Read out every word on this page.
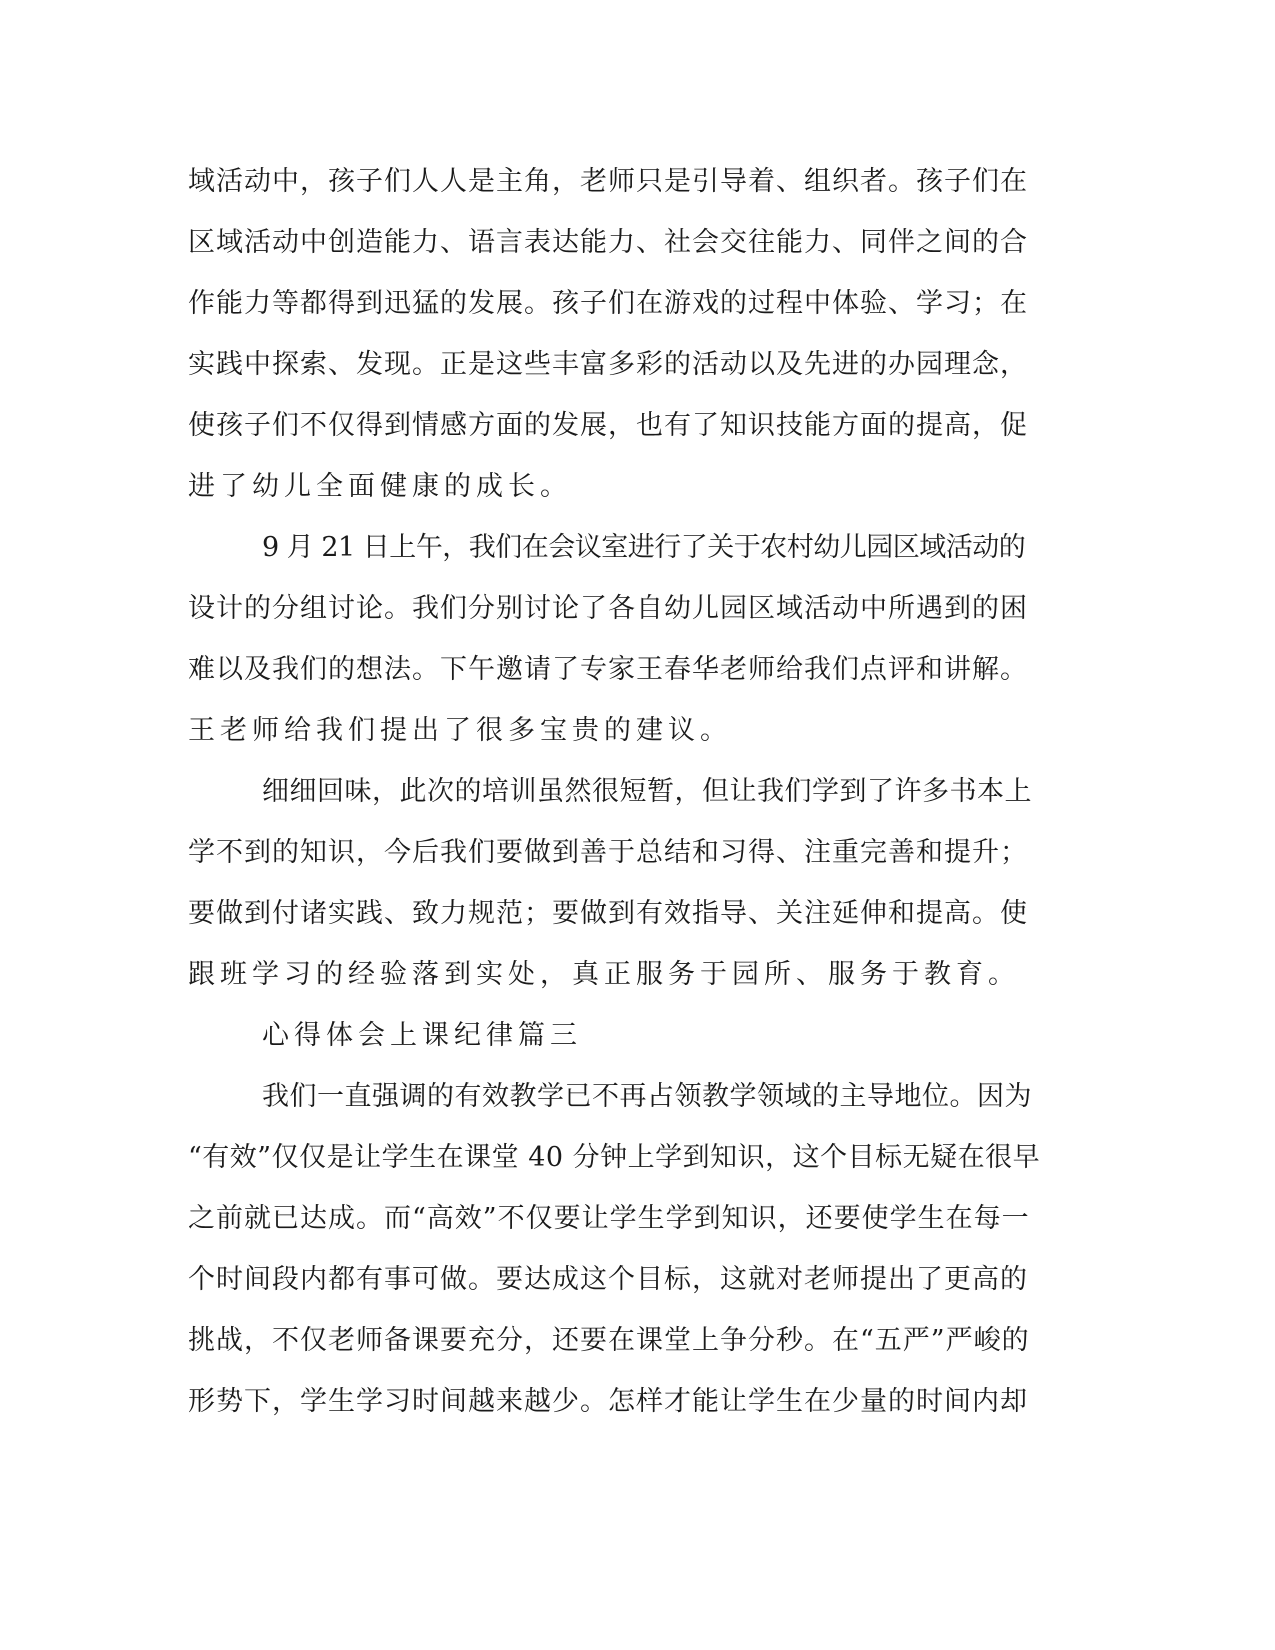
域活动中，孩子们人人是主角，老师只是引导着、组织者。孩子们在
区域活动中创造能力、语言表达能力、社会交往能力、同伴之间的合
作能力等都得到迅猛的发展。孩子们在游戏的过程中体验、学习；在
实践中探索、发现。正是这些丰富多彩的活动以及先进的办园理念，
使孩子们不仅得到情感方面的发展，也有了知识技能方面的提高，促
进了幼儿全面健康的成长。
9 月 21 日上午，我们在会议室进行了关于农村幼儿园区域活动的
设计的分组讨论。我们分别讨论了各自幼儿园区域活动中所遇到的困
难以及我们的想法。下午邀请了专家王春华老师给我们点评和讲解。
王老师给我们提出了很多宝贵的建议。
细细回味，此次的培训虽然很短暂，但让我们学到了许多书本上
学不到的知识，今后我们要做到善于总结和习得、注重完善和提升；
要做到付诸实践、致力规范；要做到有效指导、关注延伸和提高。使
跟班学习的经验落到实处，真正服务于园所、服务于教育。
心得体会上课纪律篇三
我们一直强调的有效教学已不再占领教学领域的主导地位。因为
“有效”仅仅是让学生在课堂 40 分钟上学到知识，这个目标无疑在很早
之前就已达成。而“高效”不仅要让学生学到知识，还要使学生在每一
个时间段内都有事可做。要达成这个目标，这就对老师提出了更高的
挑战，不仅老师备课要充分，还要在课堂上争分秒。在“五严”严峻的
形势下，学生学习时间越来越少。怎样才能让学生在少量的时间内却
